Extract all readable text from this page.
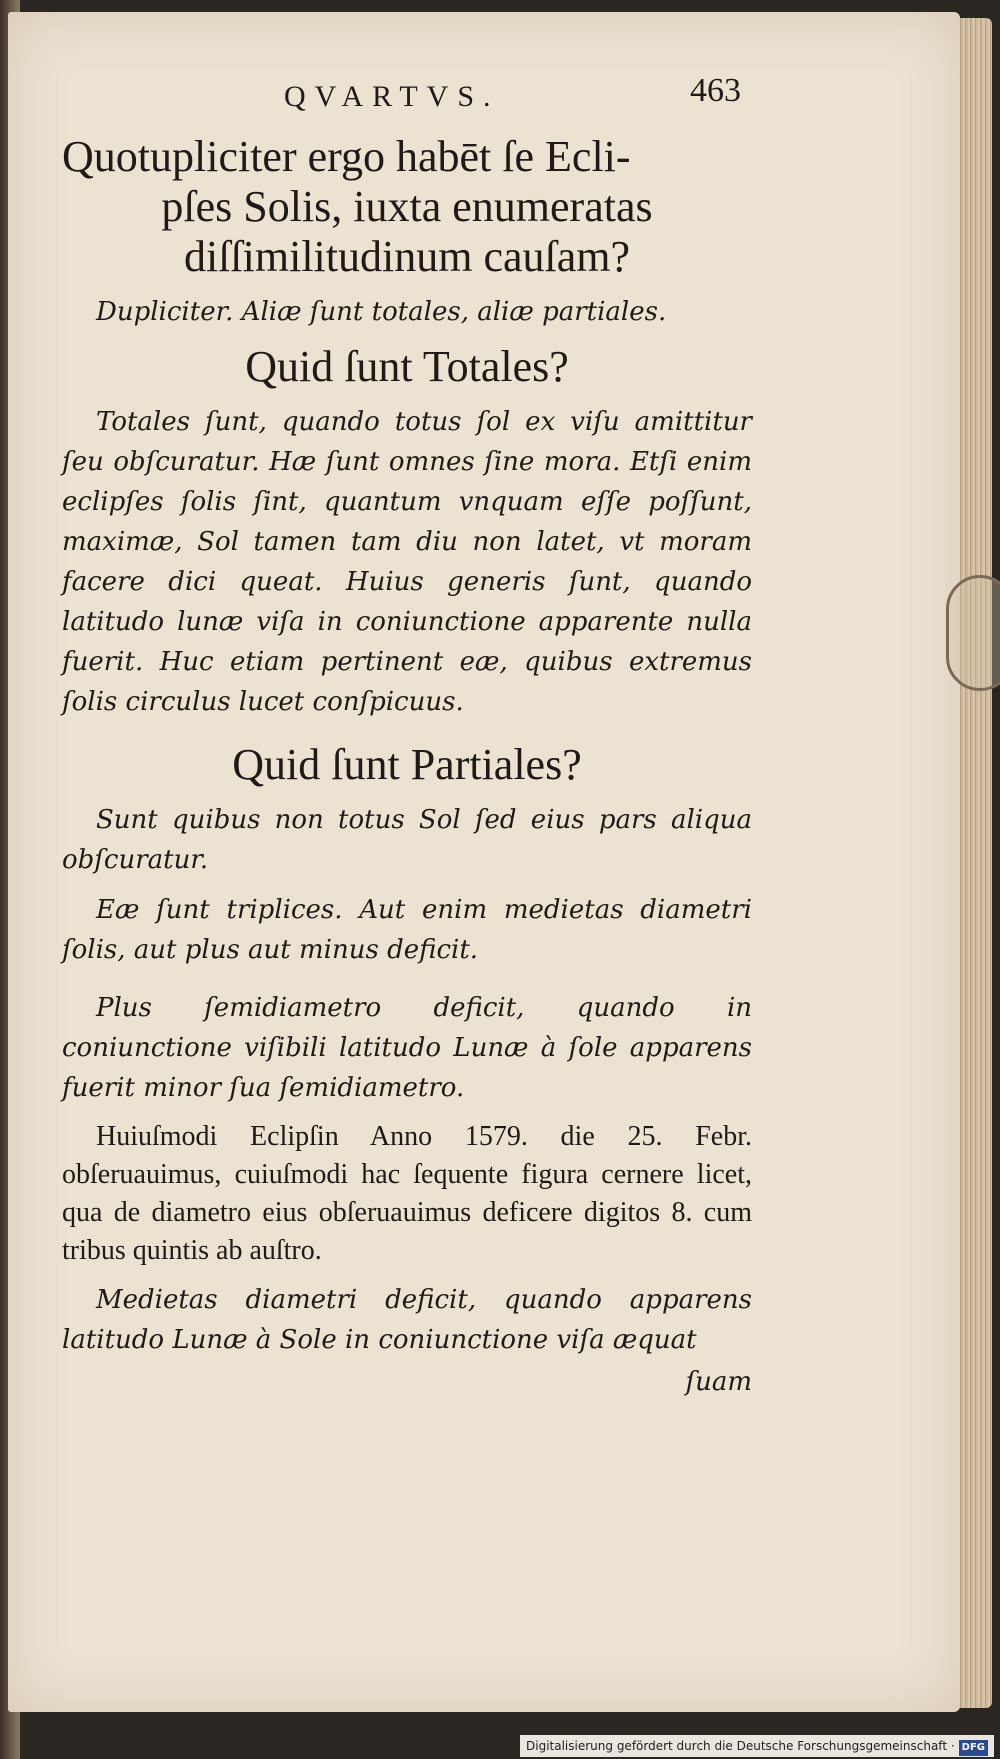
QVARTVS.	463

Quotupliciter ergo habēt ſe Ecli-

pſes Solis, iuxta enumeratas

diſſimilitudinum cauſam?

Dupliciter. Aliæ ſunt totales, aliæ partiales.

Quid ſunt Totales?

Totales ſunt, quando totus ſol ex viſu amittitur ſeu obſcuratur. Hæ ſunt omnes ſine mora. Etſi enim eclipſes ſolis ſint, quantum vnquam eſſe poſſunt, maximæ, Sol tamen tam diu non latet, vt moram facere dici queat. Huius generis ſunt, quando latitudo lunæ viſa in coniunctione apparente nulla fuerit. Huc etiam pertinent eæ, quibus extremus ſolis circulus lucet conſpicuus.

Quid ſunt Partiales?

Sunt quibus non totus Sol ſed eius pars aliqua obſcuratur.

Eæ ſunt triplices. Aut enim medietas diametri ſolis, aut plus aut minus deficit.

Plus ſemidiametro deficit, quando in coniunctione viſibili latitudo Lunæ à ſole apparens fuerit minor ſua ſemidiametro.

Huiuſmodi Eclipſin Anno 1579. die 25. Febr. obſeruauimus, cuiuſmodi hac ſequente figura cernere licet, qua de diametro eius obſeruauimus deficere digitos 8. cum tribus quintis ab auſtro.

Medietas diametri deficit, quando apparens latitudo Lunæ à Sole in coniunctione viſa æquat

ſuam

Digitalisierung gefördert durch die Deutsche Forschungsgemeinschaft · DFG
